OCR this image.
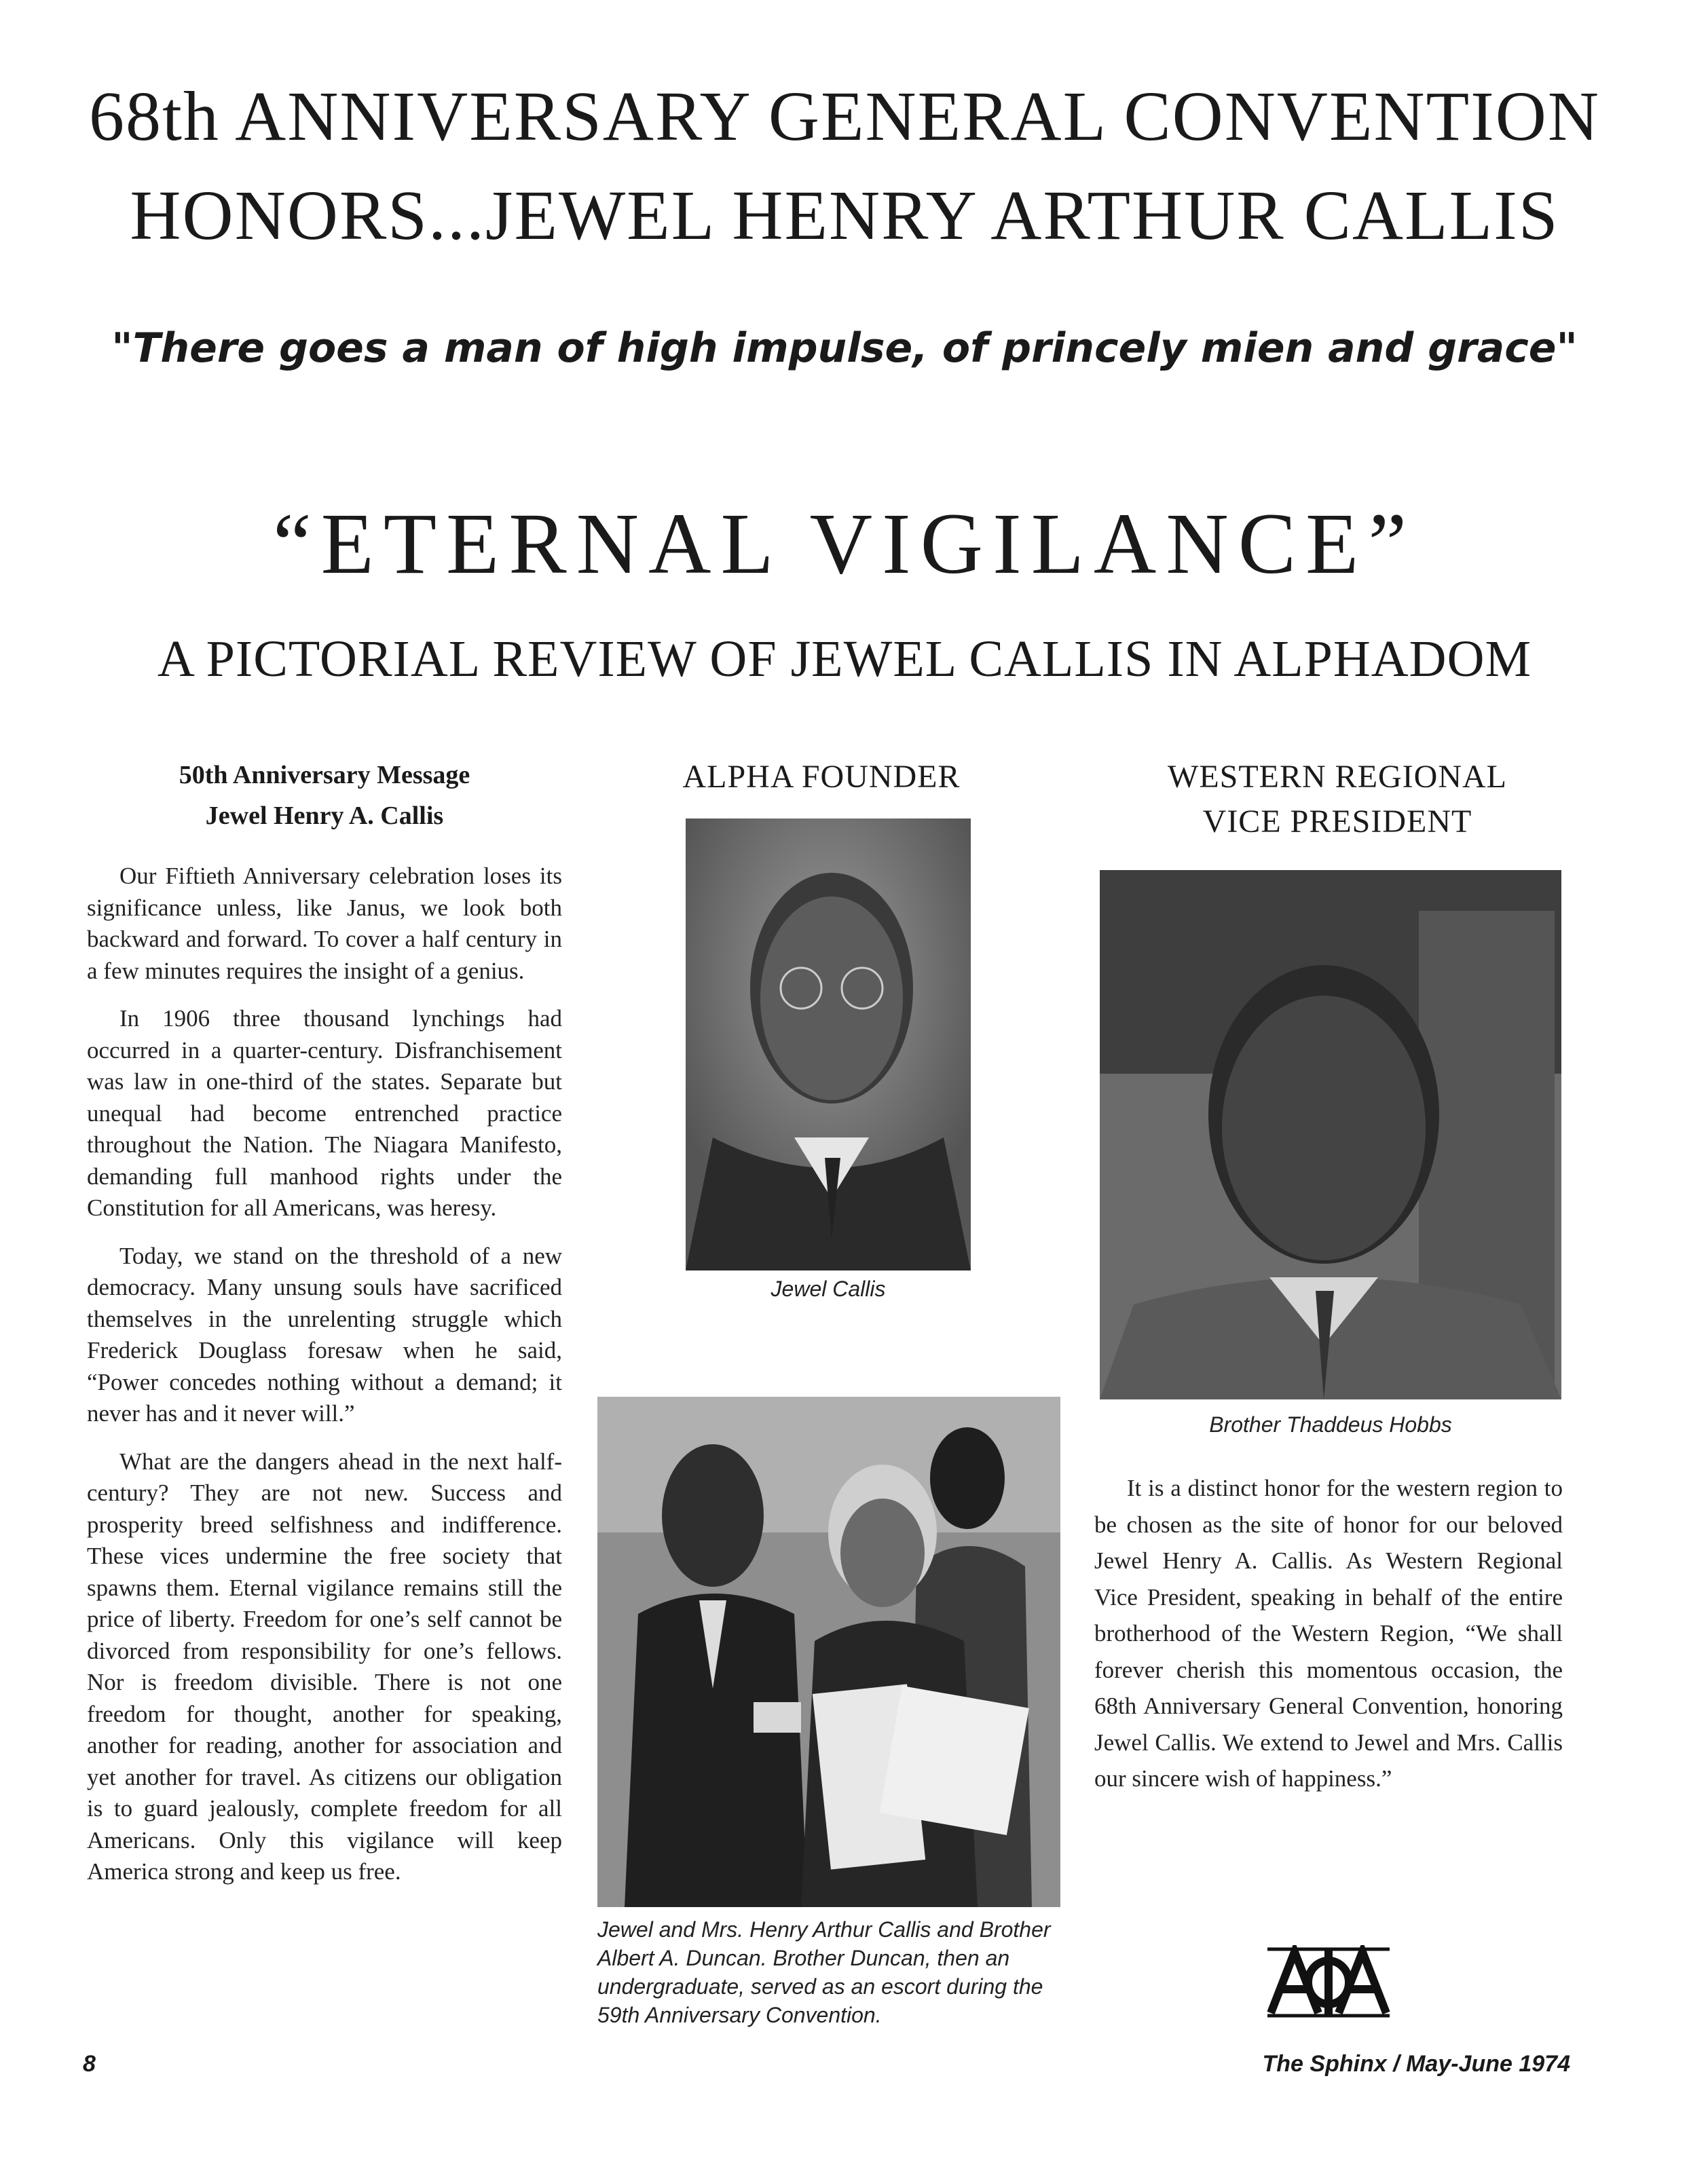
68th ANNIVERSARY GENERAL CONVENTION
HONORS...JEWEL HENRY ARTHUR CALLIS
"There goes a man of high impulse, of princely mien and grace"
“ETERNAL VIGILANCE”
A PICTORIAL REVIEW OF JEWEL CALLIS IN ALPHADOM
50th Anniversary Message
Jewel Henry A. Callis

Our Fiftieth Anniversary celebration loses its significance unless, like Janus, we look both backward and forward. To cover a half century in a few minutes requires the insight of a genius.

In 1906 three thousand lynchings had occurred in a quarter-century. Disfranchisement was law in one-third of the states. Separate but unequal had become entrenched practice throughout the Nation. The Niagara Manifesto, demanding full manhood rights under the Constitution for all Americans, was heresy.

Today, we stand on the threshold of a new democracy. Many unsung souls have sacrificed themselves in the unrelenting struggle which Frederick Douglass foresaw when he said, “Power concedes nothing without a demand; it never has and it never will.”

What are the dangers ahead in the next half-century? They are not new. Success and prosperity breed selfishness and indifference. These vices undermine the free society that spawns them. Eternal vigilance remains still the price of liberty. Freedom for one’s self cannot be divorced from responsibility for one’s fellows. Nor is freedom divisible. There is not one freedom for thought, another for speaking, another for reading, another for association and yet another for travel. As citizens our obligation is to guard jealously, complete freedom for all Americans. Only this vigilance will keep America strong and keep us free.

ALPHA FOUNDER
Jewel Callis
Jewel and Mrs. Henry Arthur Callis and Brother Albert A. Duncan. Brother Duncan, then an undergraduate, served as an escort during the 59th Anniversary Convention.
WESTERN REGIONAL
VICE PRESIDENT
Brother Thaddeus Hobbs

It is a distinct honor for the western region to be chosen as the site of honor for our beloved Jewel Henry A. Callis. As Western Regional Vice President, speaking in behalf of the entire brotherhood of the Western Region, “We shall forever cherish this momentous occasion, the 68th Anniversary General Convention, honoring Jewel Callis. We extend to Jewel and Mrs. Callis our sincere wish of happiness.”

8	The Sphinx / May-June 1974
